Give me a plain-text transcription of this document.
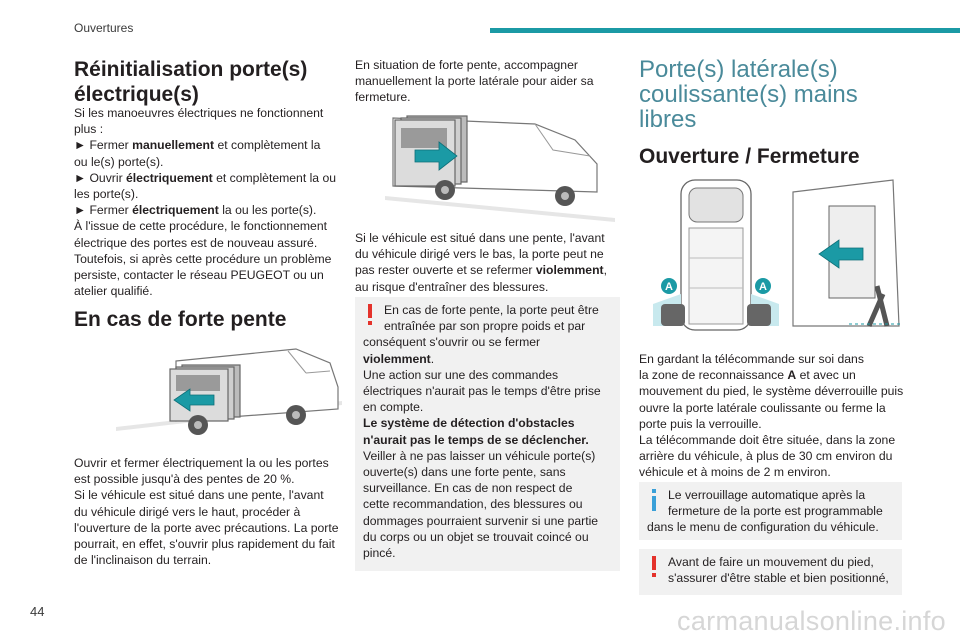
Ouvertures
44	carmanualsonline.info
Réinitialisation porte(s)
électrique(s)
Si les manoeuvres électriques ne fonctionnent
plus :
► Fermer manuellement et complètement la
ou le(s) porte(s).
► Ouvrir électriquement et complètement la ou
les porte(s).
► Fermer électriquement la ou les porte(s).
À l'issue de cette procédure, le fonctionnement
électrique des portes est de nouveau assuré.
Toutefois, si après cette procédure un problème
persiste, contacter le réseau PEUGEOT ou un
atelier qualifié.
En cas de forte pente
Ouvrir et fermer électriquement la ou les portes
est possible jusqu'à des pentes de 20 %.
Si le véhicule est situé dans une pente, l'avant
du véhicule dirigé vers le haut, procéder à
l'ouverture de la porte avec précautions. La porte
pourrait, en effet, s'ouvrir plus rapidement du fait
de l'inclinaison du terrain.
En situation de forte pente, accompagner
manuellement la porte latérale pour aider sa
fermeture.
Si le véhicule est situé dans une pente, l'avant
du véhicule dirigé vers le bas, la porte peut ne
pas rester ouverte et se refermer violemment,
au risque d'entraîner des blessures.
En cas de forte pente, la porte peut être
entraînée par son propre poids et par
conséquent s'ouvrir ou se fermer
violemment.
Une action sur une des commandes
électriques n'aurait pas le temps d'être prise
en compte.
Le système de détection d'obstacles
n'aurait pas le temps de se déclencher.
Veiller à ne pas laisser un véhicule porte(s)
ouverte(s) dans une forte pente, sans
surveillance. En cas de non respect de
cette recommandation, des blessures ou
dommages pourraient survenir si une partie
du corps ou un objet se trouvait coincé ou
pincé.
Porte(s) latérale(s)
coulissante(s) mains
libres
Ouverture / Fermeture
A	A
En gardant la télécommande sur soi dans
la zone de reconnaissance A et avec un
mouvement du pied, le système déverrouille puis
ouvre la porte latérale coulissante ou ferme la
porte puis la verrouille.
La télécommande doit être située, dans la zone
arrière du véhicule, à plus de 30 cm environ du
véhicule et à moins de 2 m environ.
Le verrouillage automatique après la
fermeture de la porte est programmable
dans le menu de configuration du véhicule.
Avant de faire un mouvement du pied,
s'assurer d'être stable et bien positionné,
